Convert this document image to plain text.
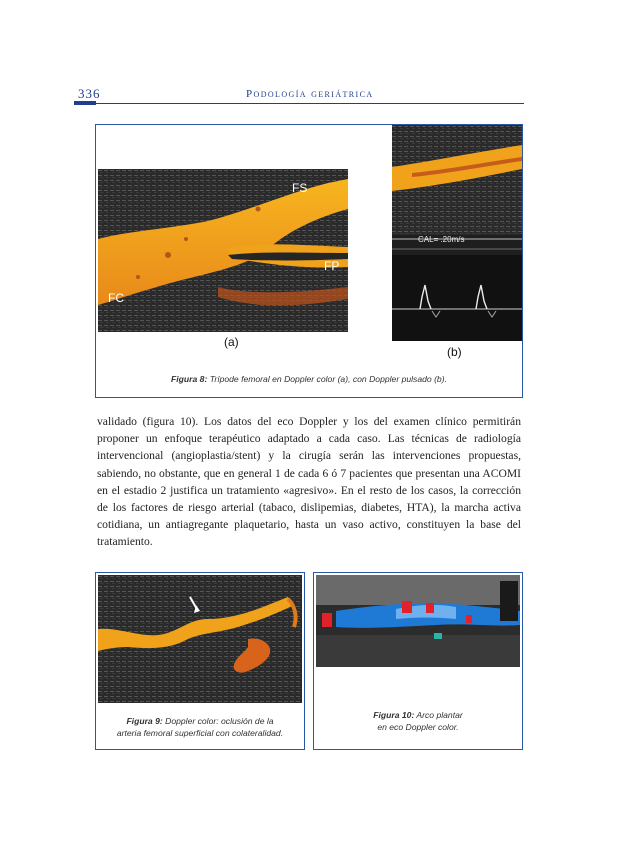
336	Podología geriátrica
FS
FP
FC
(a)
CAL= .20m/s
(b)
Figura 8: Trípode femoral en Doppler color (a), con Doppler pulsado (b).

validado (figura 10). Los datos del eco Doppler y los del examen clínico permitirán proponer un enfoque terapéutico adaptado a cada caso. Las técnicas de radiología intervencional (angioplastia/stent) y la cirugía serán las intervenciones propuestas, sabiendo, no obstante, que en general 1 de cada 6 ó 7 pacientes que presentan una ACOMI en el estadio 2 justifica un tratamiento «agresivo». En el resto de los casos, la corrección de los factores de riesgo arterial (tabaco, dislipemias, diabetes, HTA), la marcha activa cotidiana, un antiagregante plaquetario, hasta un vaso activo, constituyen la base del tratamiento.

Figura 9: Doppler color: oclusión de la
arteria femoral superficial con colateralidad.
Figura 10: Arco plantar
en eco Doppler color.
